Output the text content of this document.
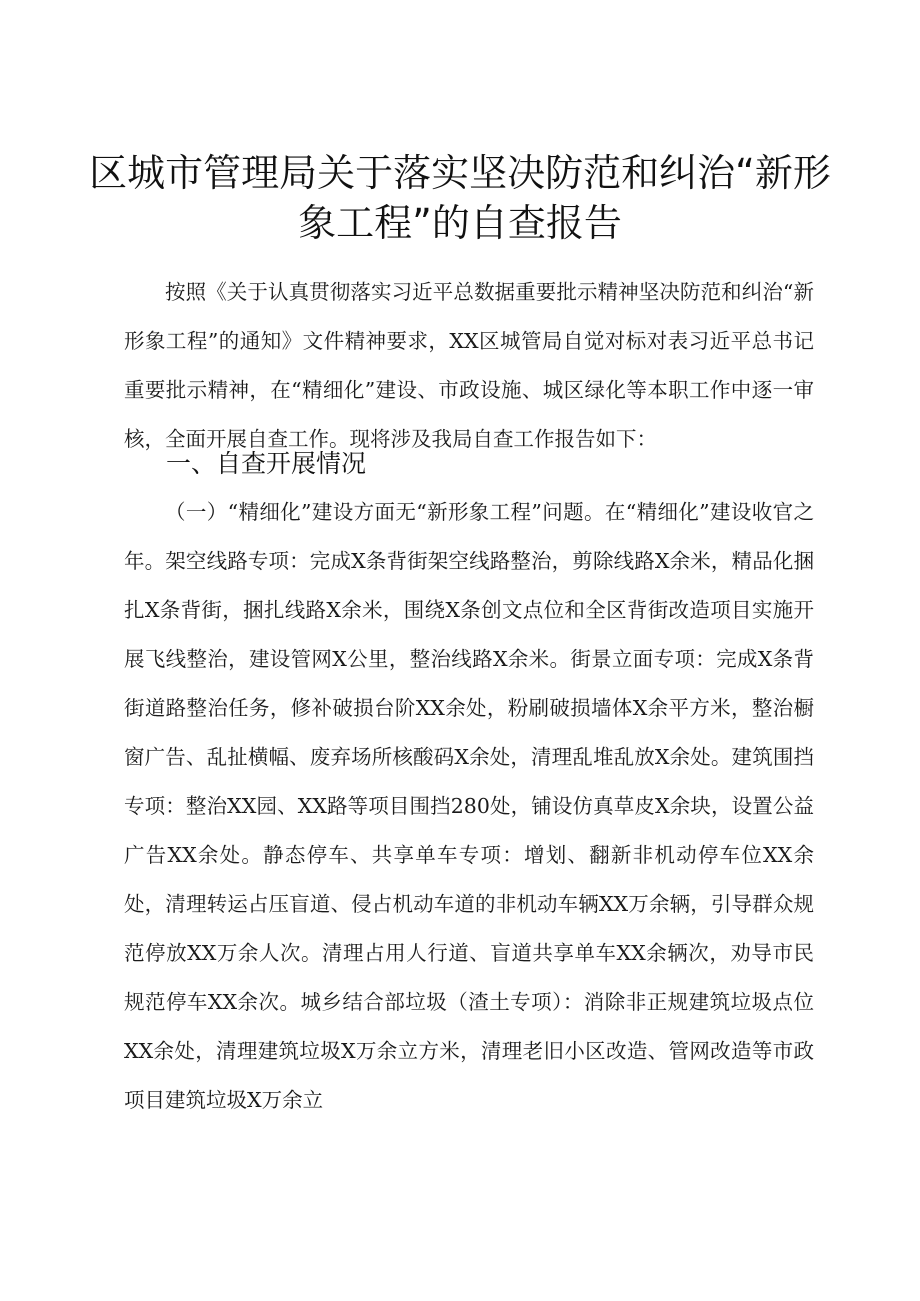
区城市管理局关于落实坚决防范和纠治“新形象工程”的自查报告

按照《关于认真贯彻落实习近平总数据重要批示精神坚决防范和纠治“新形象工程”的通知》文件精神要求，XX区城管局自觉对标对表习近平总书记重要批示精神，在“精细化”建设、市政设施、城区绿化等本职工作中逐一审核，全面开展自查工作。现将涉及我局自查工作报告如下：

一、自查开展情况

（一）“精细化”建设方面无“新形象工程”问题。在“精细化”建设收官之年。架空线路专项：完成X条背街架空线路整治，剪除线路X余米，精品化捆扎X条背街，捆扎线路X余米，围绕X条创文点位和全区背街改造项目实施开展飞线整治，建设管网X公里，整治线路X余米。街景立面专项：完成X条背街道路整治任务，修补破损台阶XX余处，粉刷破损墙体X余平方米，整治橱窗广告、乱扯横幅、废弃场所核酸码X余处，清理乱堆乱放X余处。建筑围挡专项：整治XX园、XX路等项目围挡280处，铺设仿真草皮X余块，设置公益广告XX余处。静态停车、共享单车专项：增划、翻新非机动停车位XX余处，清理转运占压盲道、侵占机动车道的非机动车辆XX万余辆，引导群众规范停放XX万余人次。清理占用人行道、盲道共享单车XX余辆次，劝导市民规范停车XX余次。城乡结合部垃圾（渣土专项）：消除非正规建筑垃圾点位XX余处，清理建筑垃圾X万余立方米，清理老旧小区改造、管网改造等市政项目建筑垃圾X万余立
